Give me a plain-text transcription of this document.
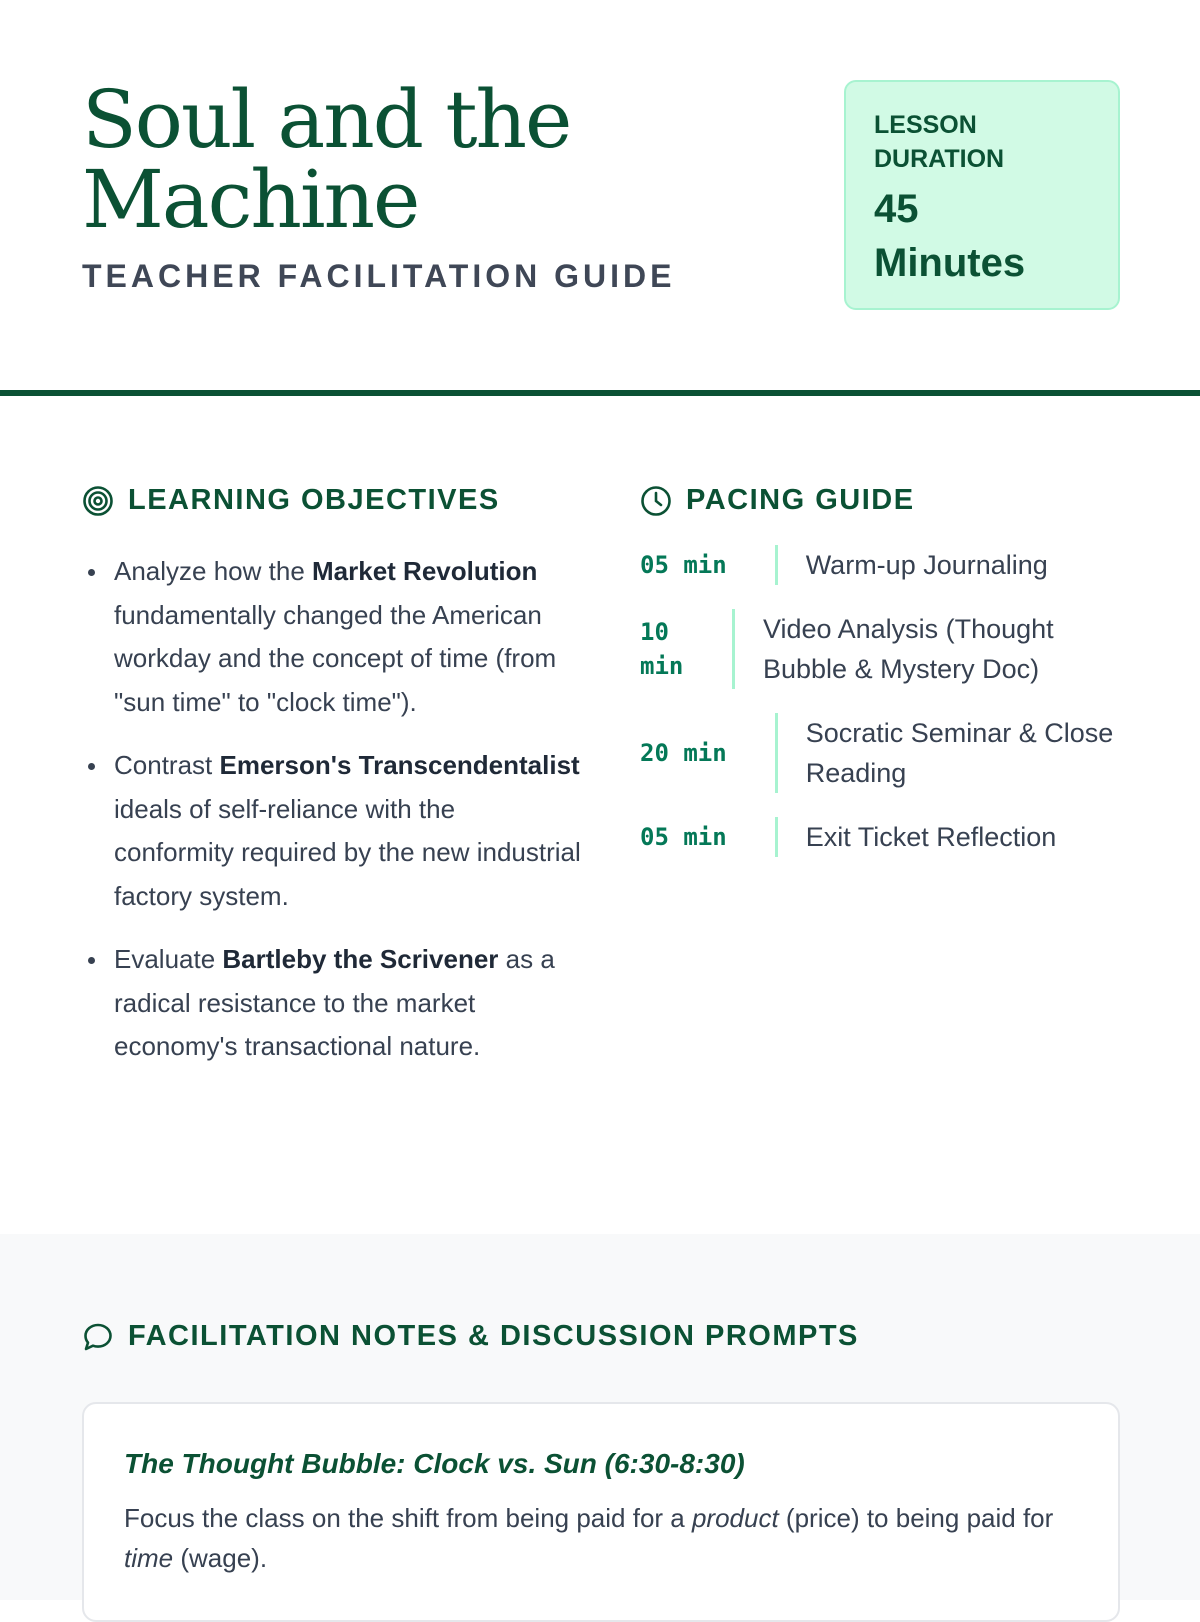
Soul and the Machine
TEACHER FACILITATION GUIDE
LESSON DURATION
45 Minutes
LEARNING OBJECTIVES
Analyze how the Market Revolution fundamentally changed the American workday and the concept of time (from "sun time" to "clock time").
Contrast Emerson's Transcendentalist ideals of self-reliance with the conformity required by the new industrial factory system.
Evaluate Bartleby the Scrivener as a radical resistance to the market economy's transactional nature.
PACING GUIDE
05 min	Warm-up Journaling
10 min
Video Analysis (Thought Bubble & Mystery Doc)
20 min
Socratic Seminar & Close Reading
05 min	Exit Ticket Reflection
FACILITATION NOTES & DISCUSSION PROMPTS

The Thought Bubble: Clock vs. Sun (6:30-8:30)

Focus the class on the shift from being paid for a product (price) to being paid for time (wage).
